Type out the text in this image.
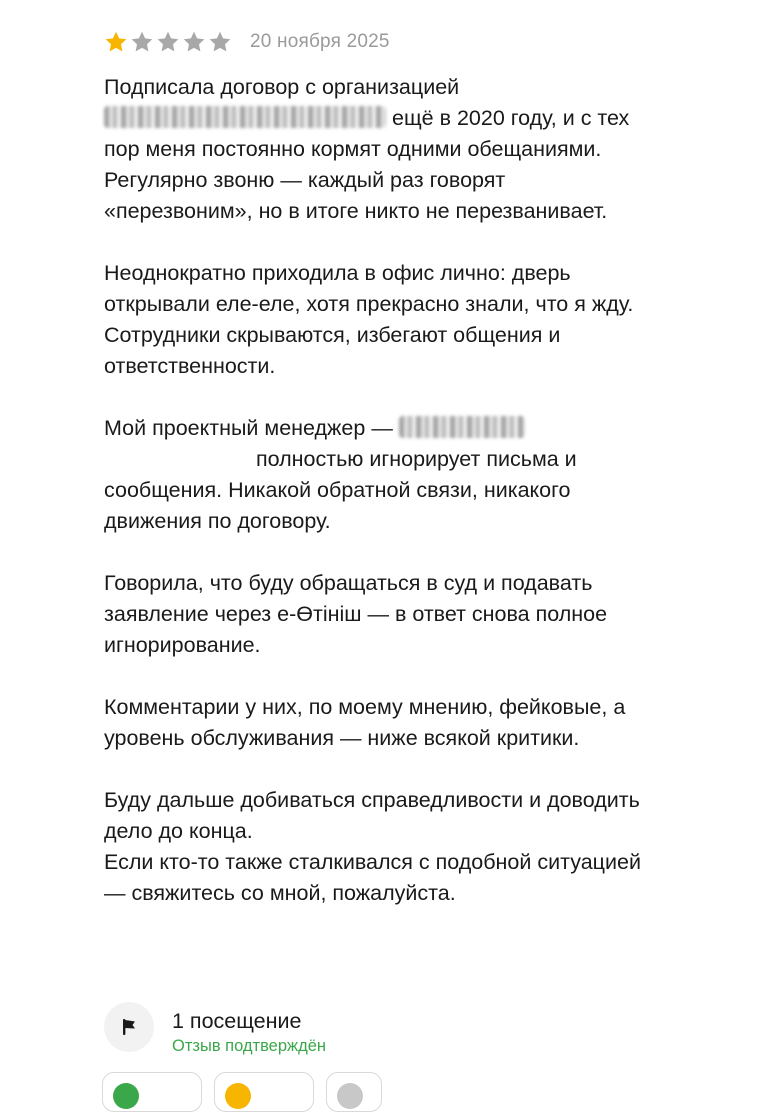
20 ноября 2025

Подписала договор с организацией
ещё в 2020 году, и с тех пор меня постоянно кормят одними обещаниями. Регулярно звоню — каждый раз говорят «перезвоним», но в итоге никто не перезванивает.

Неоднократно приходила в офис лично: дверь открывали еле-еле, хотя прекрасно знали, что я жду. Сотрудники скрываются, избегают общения и ответственности.

Мой проектный менеджер —
полностью игнорирует письма и сообщения. Никакой обратной связи, никакого движения по договору.

Говорила, что буду обращаться в суд и подавать заявление через e-Өтініш — в ответ снова полное игнорирование.

Комментарии у них, по моему мнению, фейковые, а уровень обслуживания — ниже всякой критики.

Буду дальше добиваться справедливости и доводить дело до конца.
Если кто-то также сталкивался с подобной ситуацией — свяжитесь со мной, пожалуйста.

1 посещение
Отзыв подтверждён
